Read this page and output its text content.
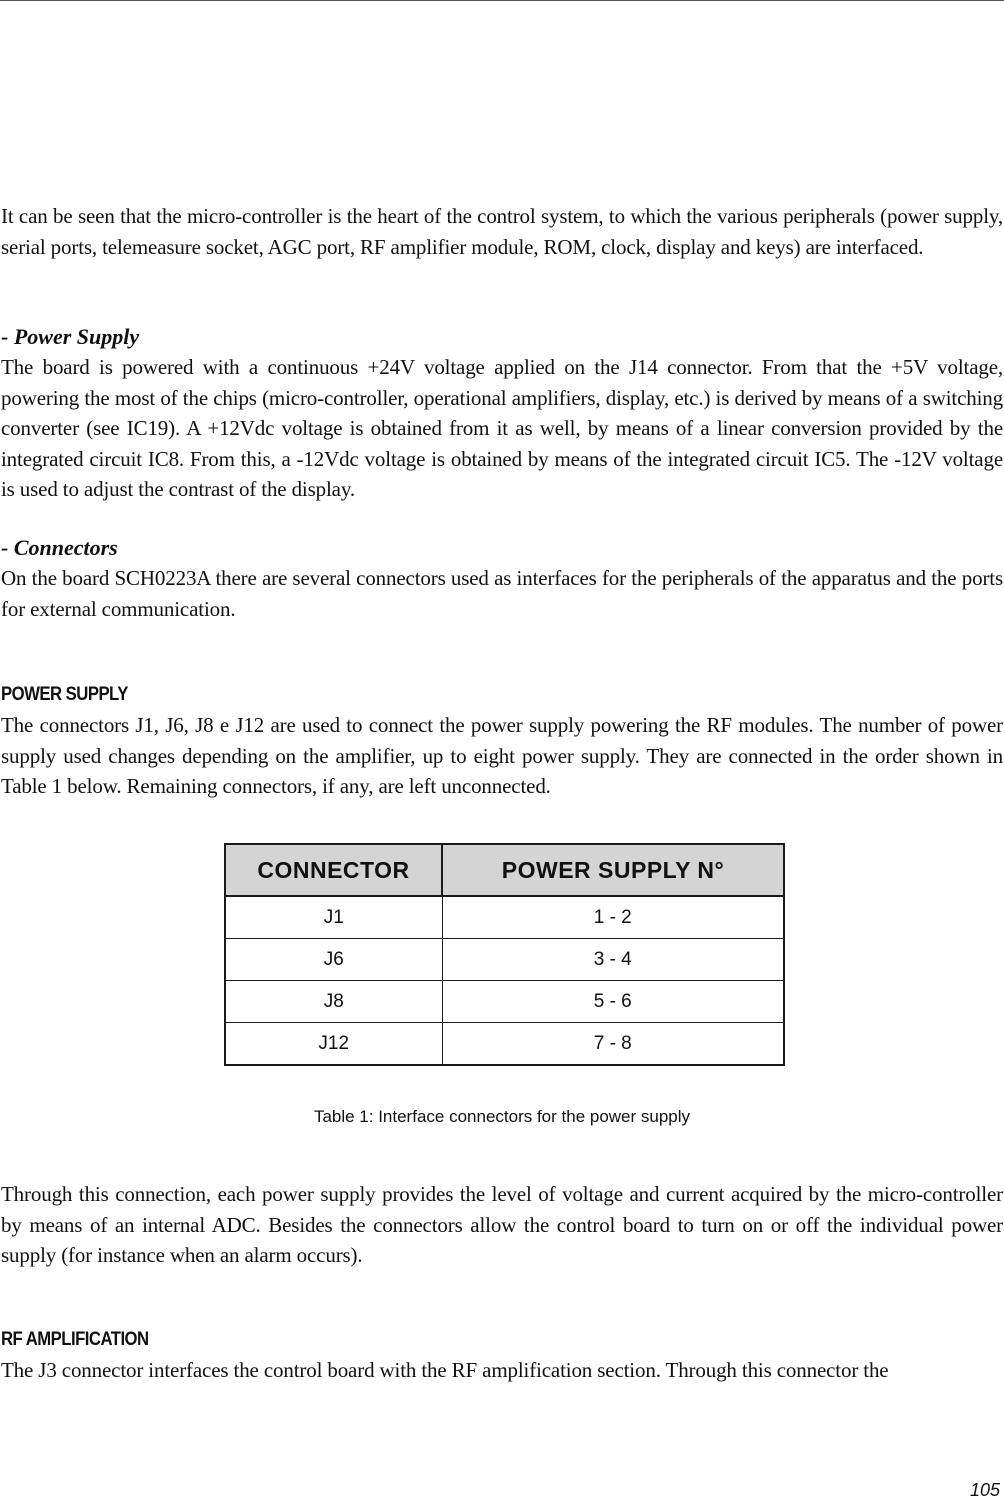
It can be seen that the micro-controller is the heart of the control system, to which the various peripherals (power supply, serial ports, telemeasure socket, AGC port, RF amplifier module, ROM, clock, display and keys) are interfaced.

- Power Supply

The board is powered with a continuous +24V voltage applied on the J14 connector. From that the +5V voltage, powering the most of the chips (micro-controller, operational amplifiers, display, etc.) is derived by means of a switching converter (see IC19). A +12Vdc voltage is obtained from it as well, by means of a linear conversion provided by the integrated circuit IC8. From this, a -12Vdc voltage is obtained by means of the integrated circuit IC5. The -12V voltage is used to adjust the contrast of the display.

- Connectors

On the board SCH0223A there are several connectors used as interfaces for the peripherals of the apparatus and the ports for external communication.

POWER SUPPLY

The connectors J1, J6, J8 e J12 are used to connect the power supply powering the RF modules. The number of power supply used changes depending on the amplifier, up to eight power supply. They are connected in the order shown in Table 1 below. Remaining connectors, if any, are left unconnected.

CONNECTOR	POWER SUPPLY N°
J1	1 - 2
J6	3 - 4
J8	5 - 6
J12	7 - 8
Table 1: Interface connectors for the power supply

Through this connection, each power supply provides the level of voltage and current acquired by the micro-controller by means of an internal ADC. Besides the connectors allow the control board to turn on or off the individual power supply (for instance when an alarm occurs).

RF AMPLIFICATION

The J3 connector interfaces the control board with the RF amplification section. Through this connector the

105
